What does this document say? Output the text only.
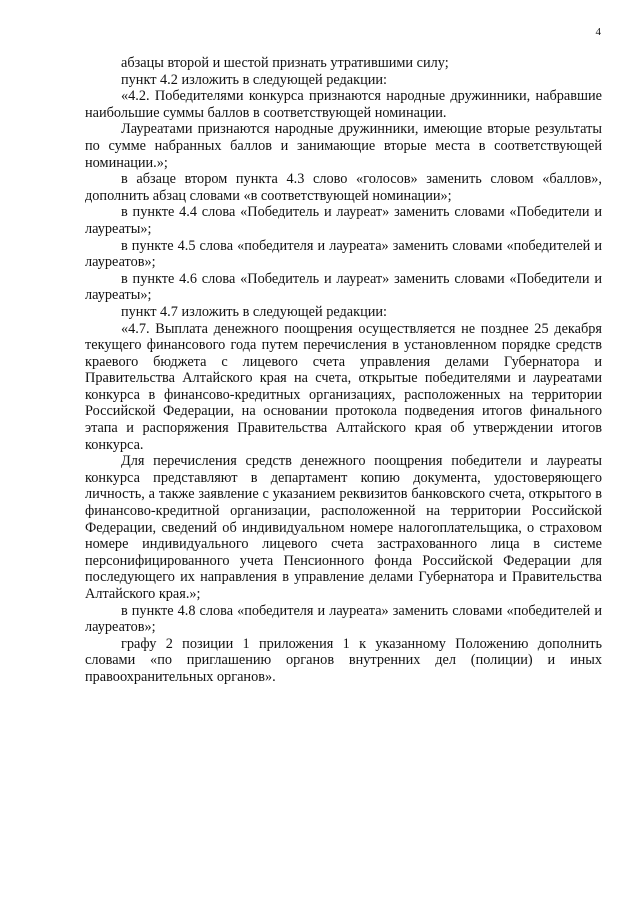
4

абзацы второй и шестой признать утратившими силу;

пункт 4.2 изложить в следующей редакции:

«4.2. Победителями конкурса признаются народные дружинники, набравшие наибольшие суммы баллов в соответствующей номинации.

Лауреатами признаются народные дружинники, имеющие вторые результаты по сумме набранных баллов и занимающие вторые места в соответствующей номинации.»;

в абзаце втором пункта 4.3 слово «голосов» заменить словом «баллов», дополнить абзац словами «в соответствующей номинации»;

в пункте 4.4 слова «Победитель и лауреат» заменить словами «Победители и лауреаты»;

в пункте 4.5 слова «победителя и лауреата» заменить словами «победителей и лауреатов»;

в пункте 4.6 слова «Победитель и лауреат» заменить словами «Победители и лауреаты»;

пункт 4.7 изложить в следующей редакции:

«4.7. Выплата денежного поощрения осуществляется не позднее 25 декабря текущего финансового года путем перечисления в установленном порядке средств краевого бюджета с лицевого счета управления делами Губернатора и Правительства Алтайского края на счета, открытые победителями и лауреатами конкурса в финансово-кредитных организациях, расположенных на территории Российской Федерации, на основании протокола подведения итогов финального этапа и распоряжения Правительства Алтайского края об утверждении итогов конкурса.

Для перечисления средств денежного поощрения победители и лауреаты конкурса представляют в департамент копию документа, удостоверяющего личность, а также заявление с указанием реквизитов банковского счета, открытого в финансово-кредитной организации, расположенной на территории Российской Федерации, сведений об индивидуальном номере налогоплательщика, о страховом номере индивидуального лицевого счета застрахованного лица в системе персонифицированного учета Пенсионного фонда Российской Федерации для последующего их направления в управление делами Губернатора и Правительства Алтайского края.»;

в пункте 4.8 слова «победителя и лауреата» заменить словами «победителей и лауреатов»;

графу 2 позиции 1 приложения 1 к указанному Положению дополнить словами «по приглашению органов внутренних дел (полиции) и иных правоохранительных органов».
